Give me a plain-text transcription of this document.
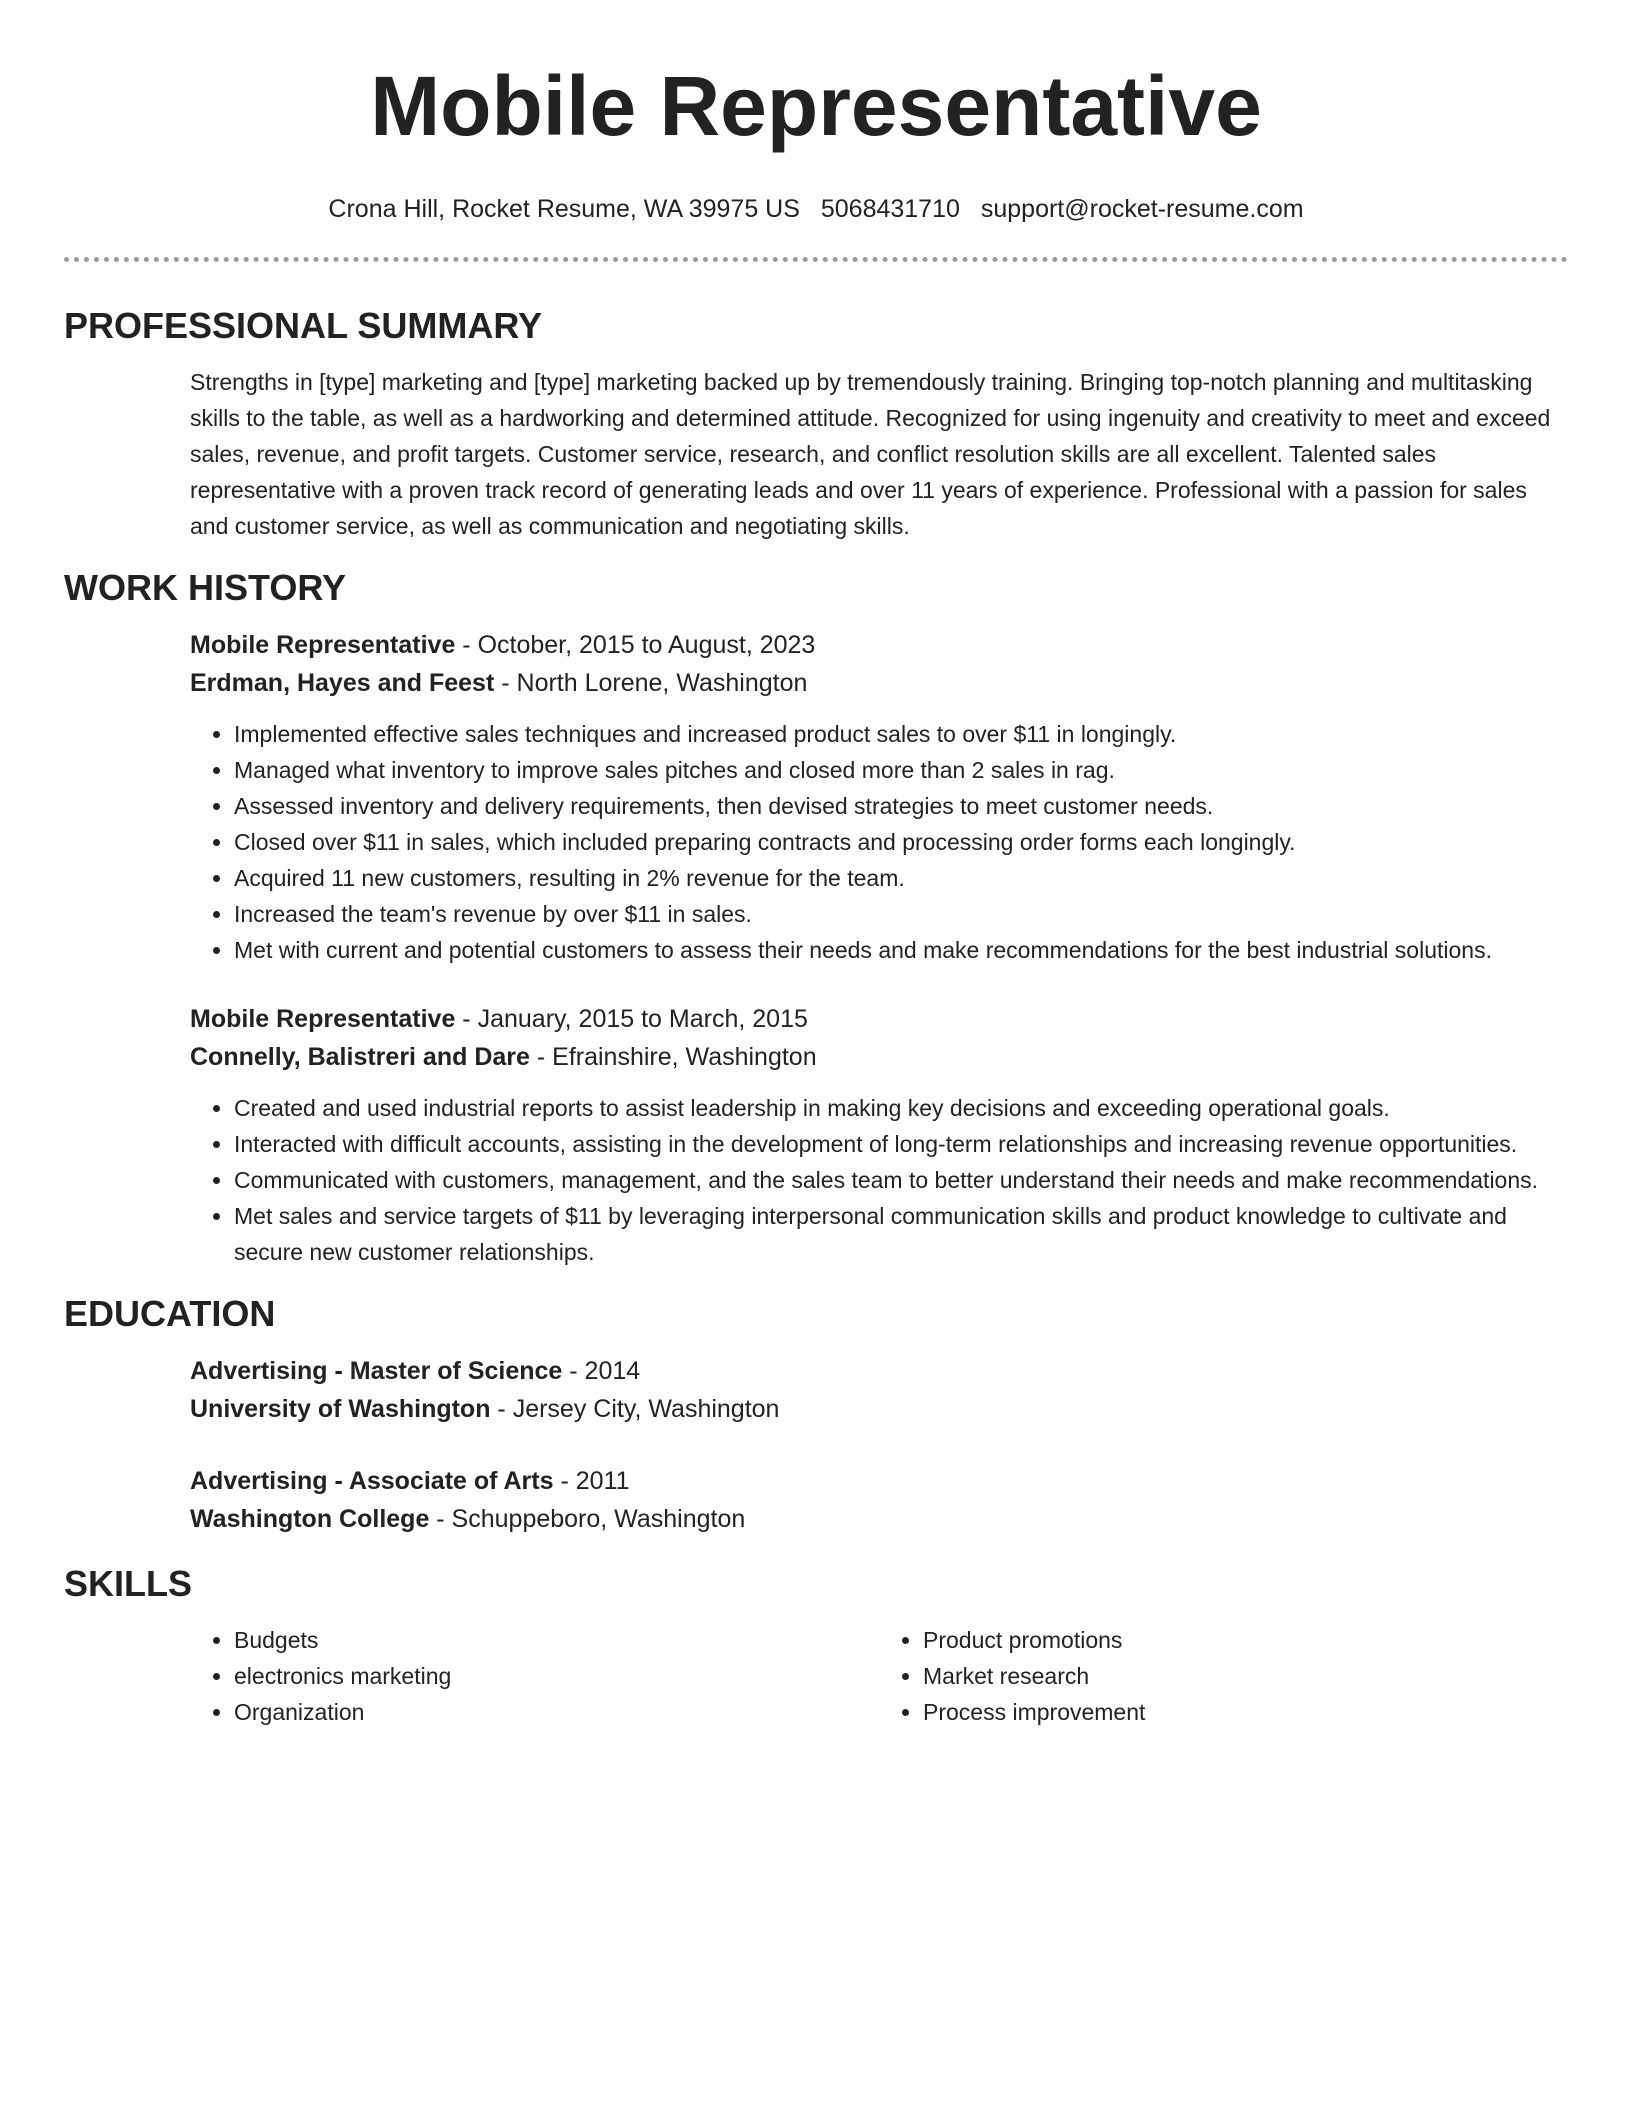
Mobile Representative
Crona Hill, Rocket Resume, WA 39975 US 5068431710 support@rocket-resume.com
PROFESSIONAL SUMMARY

Strengths in [type] marketing and [type] marketing backed up by tremendously training. Bringing top-notch planning and multitasking skills to the table, as well as a hardworking and determined attitude. Recognized for using ingenuity and creativity to meet and exceed sales, revenue, and profit targets. Customer service, research, and conflict resolution skills are all excellent. Talented sales representative with a proven track record of generating leads and over 11 years of experience. Professional with a passion for sales and customer service, as well as communication and negotiating skills.

WORK HISTORY
Mobile Representative - October, 2015 to August, 2023
Erdman, Hayes and Feest - North Lorene, Washington
• Implemented effective sales techniques and increased product sales to over $11 in longingly.
• Managed what inventory to improve sales pitches and closed more than 2 sales in rag.
• Assessed inventory and delivery requirements, then devised strategies to meet customer needs.
• Closed over $11 in sales, which included preparing contracts and processing order forms each longingly.
• Acquired 11 new customers, resulting in 2% revenue for the team.
• Increased the team's revenue by over $11 in sales.
• Met with current and potential customers to assess their needs and make recommendations for the best industrial solutions.
Mobile Representative - January, 2015 to March, 2015
Connelly, Balistreri and Dare - Efrainshire, Washington
• Created and used industrial reports to assist leadership in making key decisions and exceeding operational goals.
• Interacted with difficult accounts, assisting in the development of long-term relationships and increasing revenue opportunities.
• Communicated with customers, management, and the sales team to better understand their needs and make recommendations.
• Met sales and service targets of $11 by leveraging interpersonal communication skills and product knowledge to cultivate and secure new customer relationships.
EDUCATION
Advertising - Master of Science - 2014
University of Washington - Jersey City, Washington
Advertising - Associate of Arts - 2011
Washington College - Schuppeboro, Washington
SKILLS
• Budgets
• electronics marketing
• Organization
• Product promotions
• Market research
• Process improvement
